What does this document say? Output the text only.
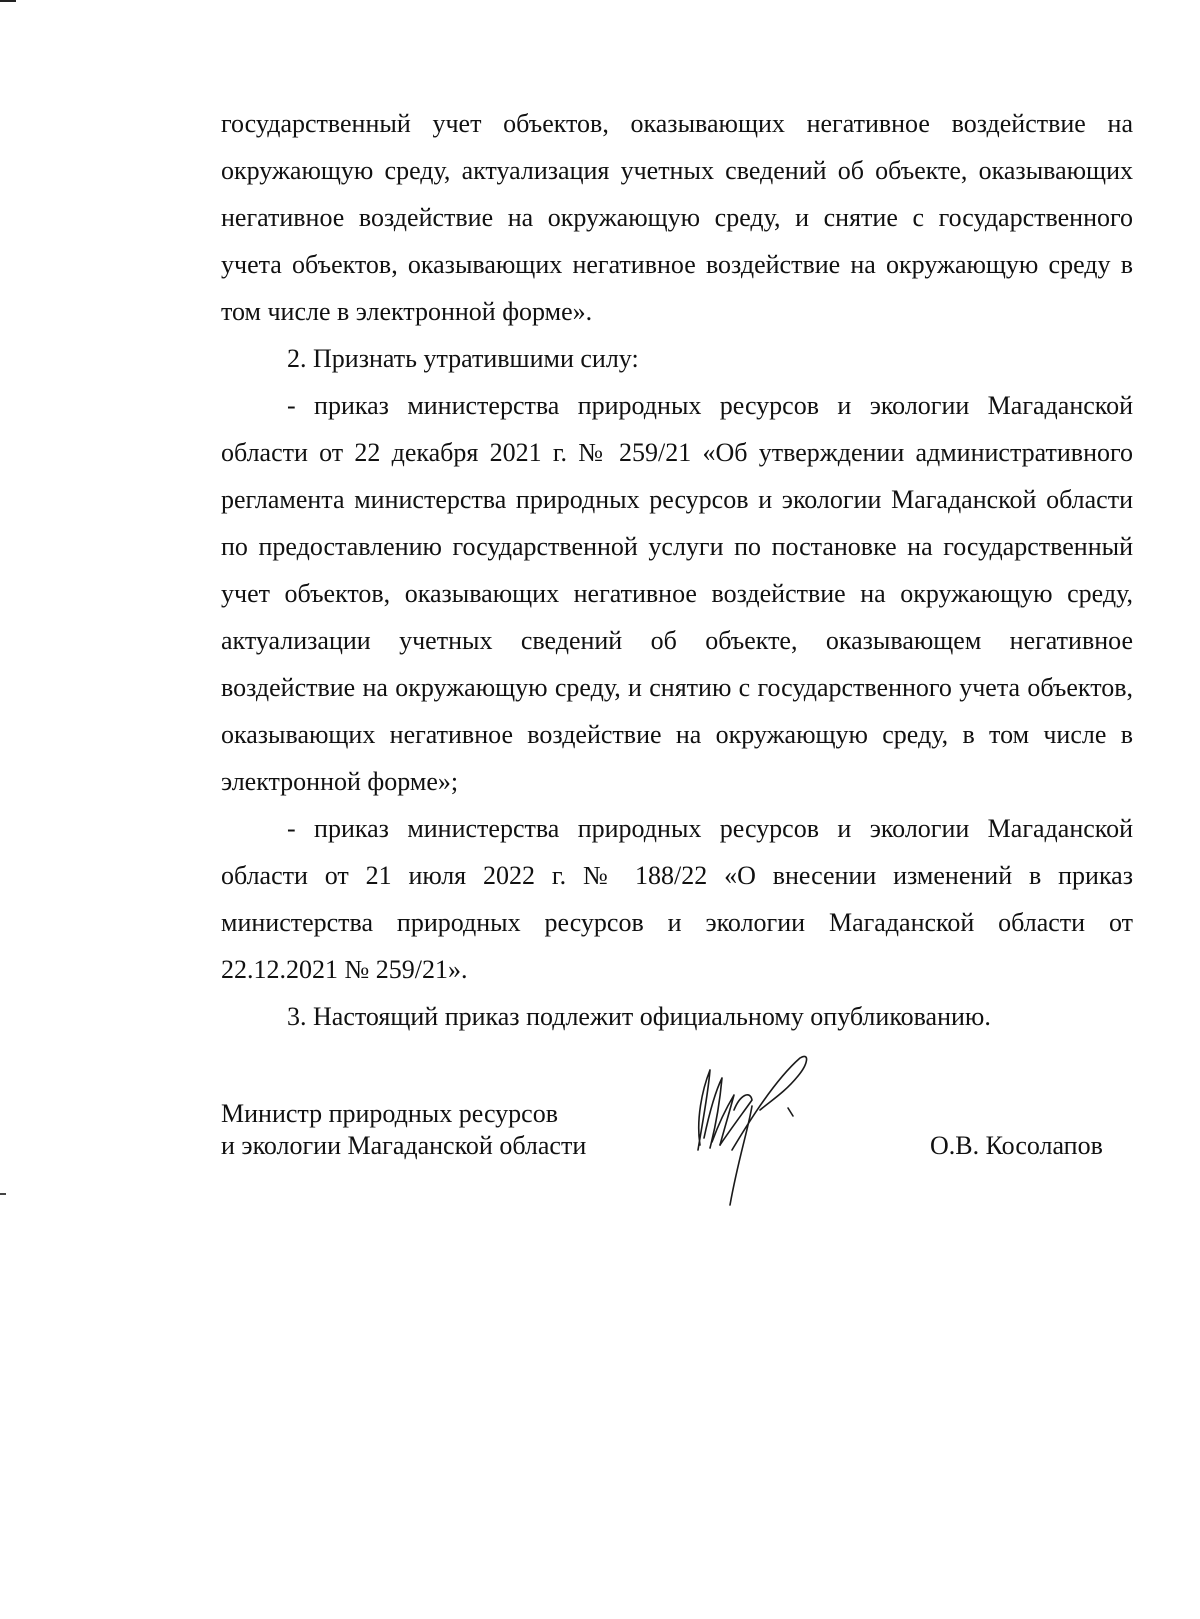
государственный учет объектов, оказывающих негативное воздействие на окружающую среду, актуализация учетных сведений об объекте, оказывающих негативное воздействие на окружающую среду, и снятие с государственного учета объектов, оказывающих негативное воздействие на окружающую среду в том числе в электронной форме».

2. Признать утратившими силу:

- приказ министерства природных ресурсов и экологии Магаданской области от 22 декабря 2021 г. № 259/21 «Об утверждении административного регламента министерства природных ресурсов и экологии Магаданской области по предоставлению государственной услуги по постановке на государственный учет объектов, оказывающих негативное воздействие на окружающую среду, актуализации учетных сведений об объекте, оказывающем негативное воздействие на окружающую среду, и снятию с государственного учета объектов, оказывающих негативное воздействие на окружающую среду, в том числе в электронной форме»;

- приказ министерства природных ресурсов и экологии Магаданской области от 21 июля 2022 г. № 188/22 «О внесении изменений в приказ министерства природных ресурсов и экологии Магаданской области от 22.12.2021 № 259/21».

3. Настоящий приказ подлежит официальному опубликованию.

Министр природных ресурсов
и экологии Магаданской области	О.В. Косолапов
